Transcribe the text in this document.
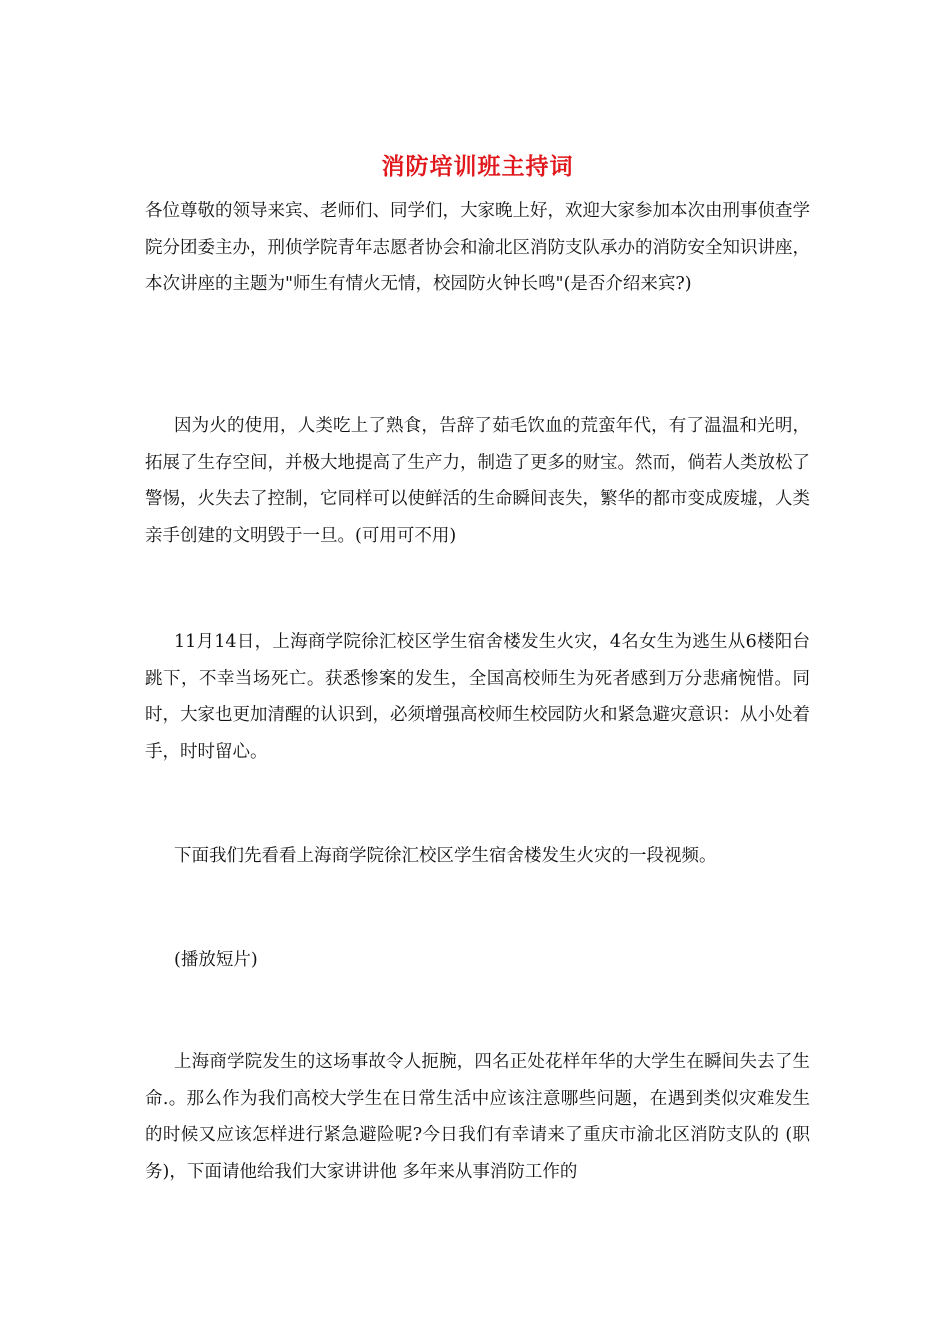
消防培训班主持词

各位尊敬的领导来宾、老师们、同学们，大家晚上好，欢迎大家参加本次由刑事侦查学院分团委主办，刑侦学院青年志愿者协会和渝北区消防支队承办的消防安全知识讲座，本次讲座的主题为"师生有情火无情，校园防火钟长鸣"(是否介绍来宾?)

因为火的使用，人类吃上了熟食，告辞了茹毛饮血的荒蛮年代，有了温温和光明，拓展了生存空间，并极大地提高了生产力，制造了更多的财宝。然而，倘若人类放松了警惕，火失去了控制，它同样可以使鲜活的生命瞬间丧失，繁华的都市变成废墟，人类亲手创建的文明毁于一旦。(可用可不用)

11月14日，上海商学院徐汇校区学生宿舍楼发生火灾，4名女生为逃生从6楼阳台跳下，不幸当场死亡。获悉惨案的发生，全国高校师生为死者感到万分悲痛惋惜。同时，大家也更加清醒的认识到，必须增强高校师生校园防火和紧急避灾意识：从小处着手，时时留心。

下面我们先看看上海商学院徐汇校区学生宿舍楼发生火灾的一段视频。

(播放短片)

上海商学院发生的这场事故令人扼腕，四名正处花样年华的大学生在瞬间失去了生命.。那么作为我们高校大学生在日常生活中应该注意哪些问题，在遇到类似灾难发生的时候又应该怎样进行紧急避险呢?今日我们有幸请来了重庆市渝北区消防支队的 (职务)，下面请他给我们大家讲讲他 多年来从事消防工作的
